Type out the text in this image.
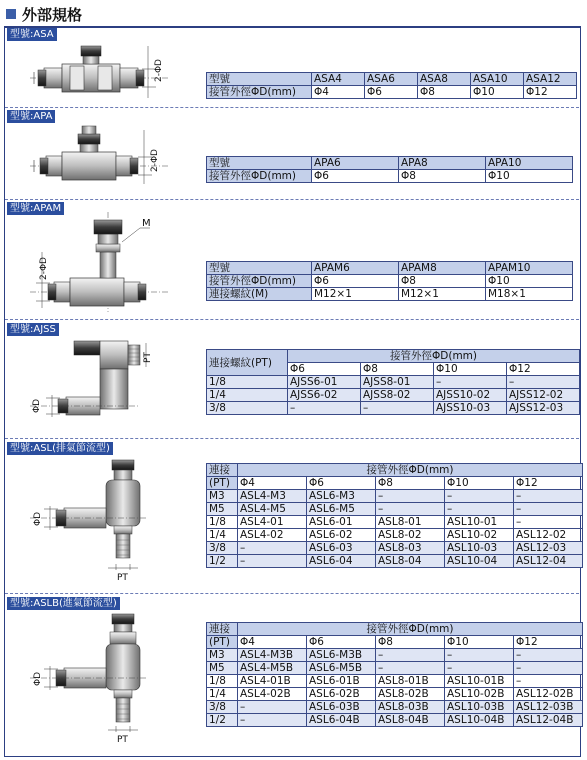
外部規格
型號:ASA
2-ΦD	型號	ASA4	ASA6	ASA8	ASA10	ASA12
接管外徑ΦD(mm)	Φ4	Φ6	Φ8	Φ10	Φ12
型號:APA
2-ΦD	型號	APA6	APA8	APA10
接管外徑ΦD(mm)	Φ6	Φ8	Φ10
型號:APAM
M
2-ΦD	型號	APAM6	APAM8	APAM10
接管外徑ΦD(mm)	Φ6	Φ8	Φ10
連接螺紋(M)	M12×1	M12×1	M18×1
型號:AJSS
PT
ΦD
連接螺紋(PT)	接管外徑ΦD(mm)			
	Φ6	Φ8	Φ10	Φ12
1/8	AJSS6-01	AJSS8-01	–	–
1/4	AJSS6-02	AJSS8-02	AJSS10-02	AJSS12-02
3/8	–	–	AJSS10-03	AJSS12-03
型號:ASL(排氣節流型)
PT
ΦD
連接	接管外徑ΦD(mm)				
(PT)	Φ4	Φ6	Φ8	Φ10	Φ12
M3	ASL4-M3	ASL6-M3	–	–	–
M5	ASL4-M5	ASL6-M5	–	–	–
1/8	ASL4-01	ASL6-01	ASL8-01	ASL10-01	–
1/4	ASL4-02	ASL6-02	ASL8-02	ASL10-02	ASL12-02
3/8	–	ASL6-03	ASL8-03	ASL10-03	ASL12-03
1/2	–	ASL6-04	ASL8-04	ASL10-04	ASL12-04
型號:ASLB(進氣節流型)
PT
ΦD
連接	接管外徑ΦD(mm)				
(PT)	Φ4	Φ6	Φ8	Φ10	Φ12
M3	ASL4-M3B	ASL6-M3B	–	–	–
M5	ASL4-M5B	ASL6-M5B	–	–	–
1/8	ASL4-01B	ASL6-01B	ASL8-01B	ASL10-01B	–
1/4	ASL4-02B	ASL6-02B	ASL8-02B	ASL10-02B	ASL12-02B
3/8	–	ASL6-03B	ASL8-03B	ASL10-03B	ASL12-03B
1/2	–	ASL6-04B	ASL8-04B	ASL10-04B	ASL12-04B
